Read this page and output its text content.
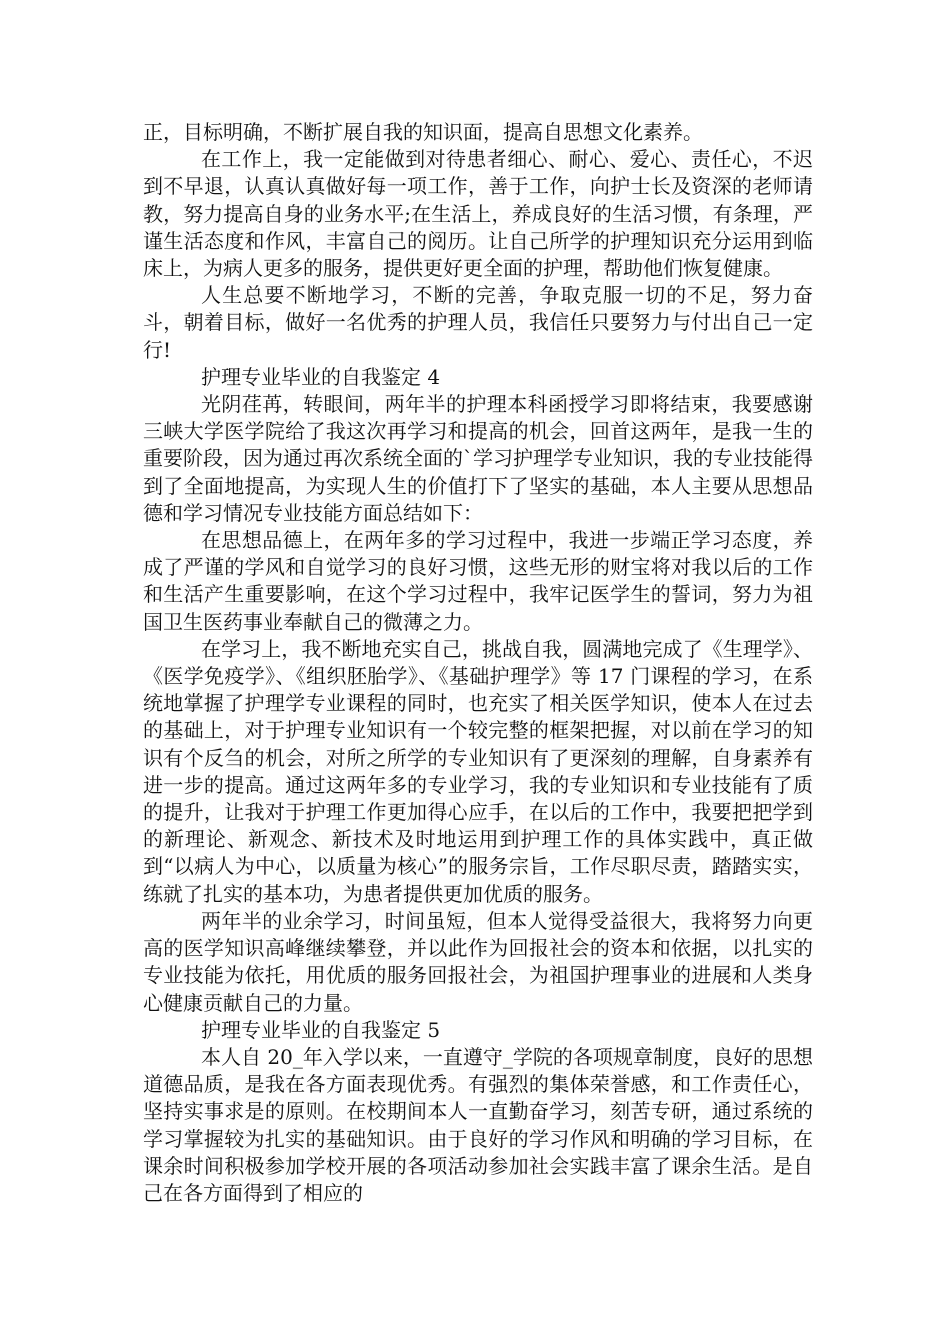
正，目标明确，不断扩展自我的知识面，提高自思想文化素养。

在工作上，我一定能做到对待患者细心、耐心、爱心、责任心，不迟到不早退，认真认真做好每一项工作，善于工作，向护士长及资深的老师请教，努力提高自身的业务水平;在生活上，养成良好的生活习惯，有条理，严谨生活态度和作风，丰富自己的阅历。让自己所学的护理知识充分运用到临床上，为病人更多的服务，提供更好更全面的护理，帮助他们恢复健康。

人生总要不断地学习，不断的完善，争取克服一切的不足，努力奋斗，朝着目标，做好一名优秀的护理人员，我信任只要努力与付出自己一定行!

护理专业毕业的自我鉴定 4

光阴荏苒，转眼间，两年半的护理本科函授学习即将结束，我要感谢三峡大学医学院给了我这次再学习和提高的机会，回首这两年，是我一生的重要阶段，因为通过再次系统全面的`学习护理学专业知识，我的专业技能得到了全面地提高，为实现人生的价值打下了坚实的基础，本人主要从思想品德和学习情况专业技能方面总结如下：

在思想品德上，在两年多的学习过程中，我进一步端正学习态度，养成了严谨的学风和自觉学习的良好习惯，这些无形的财宝将对我以后的工作和生活产生重要影响，在这个学习过程中，我牢记医学生的誓词，努力为祖国卫生医药事业奉献自己的微薄之力。

在学习上，我不断地充实自己，挑战自我，圆满地完成了《生理学》、《医学免疫学》、《组织胚胎学》、《基础护理学》等 17 门课程的学习，在系统地掌握了护理学专业课程的同时，也充实了相关医学知识，使本人在过去的基础上，对于护理专业知识有一个较完整的框架把握，对以前在学习的知识有个反刍的机会，对所之所学的专业知识有了更深刻的理解，自身素养有进一步的提高。通过这两年多的专业学习，我的专业知识和专业技能有了质的提升，让我对于护理工作更加得心应手，在以后的工作中，我要把把学到的新理论、新观念、新技术及时地运用到护理工作的具体实践中，真正做到“以病人为中心，以质量为核心”的服务宗旨，工作尽职尽责，踏踏实实，练就了扎实的基本功，为患者提供更加优质的服务。

两年半的业余学习，时间虽短，但本人觉得受益很大，我将努力向更高的医学知识高峰继续攀登，并以此作为回报社会的资本和依据，以扎实的专业技能为依托，用优质的服务回报社会，为祖国护理事业的进展和人类身心健康贡献自己的力量。

护理专业毕业的自我鉴定 5

本人自 20_年入学以来，一直遵守_学院的各项规章制度，良好的思想道德品质，是我在各方面表现优秀。有强烈的集体荣誉感，和工作责任心，坚持实事求是的原则。在校期间本人一直勤奋学习，刻苦专研，通过系统的学习掌握较为扎实的基础知识。由于良好的学习作风和明确的学习目标，在课余时间积极参加学校开展的各项活动参加社会实践丰富了课余生活。是自己在各方面得到了相应的
